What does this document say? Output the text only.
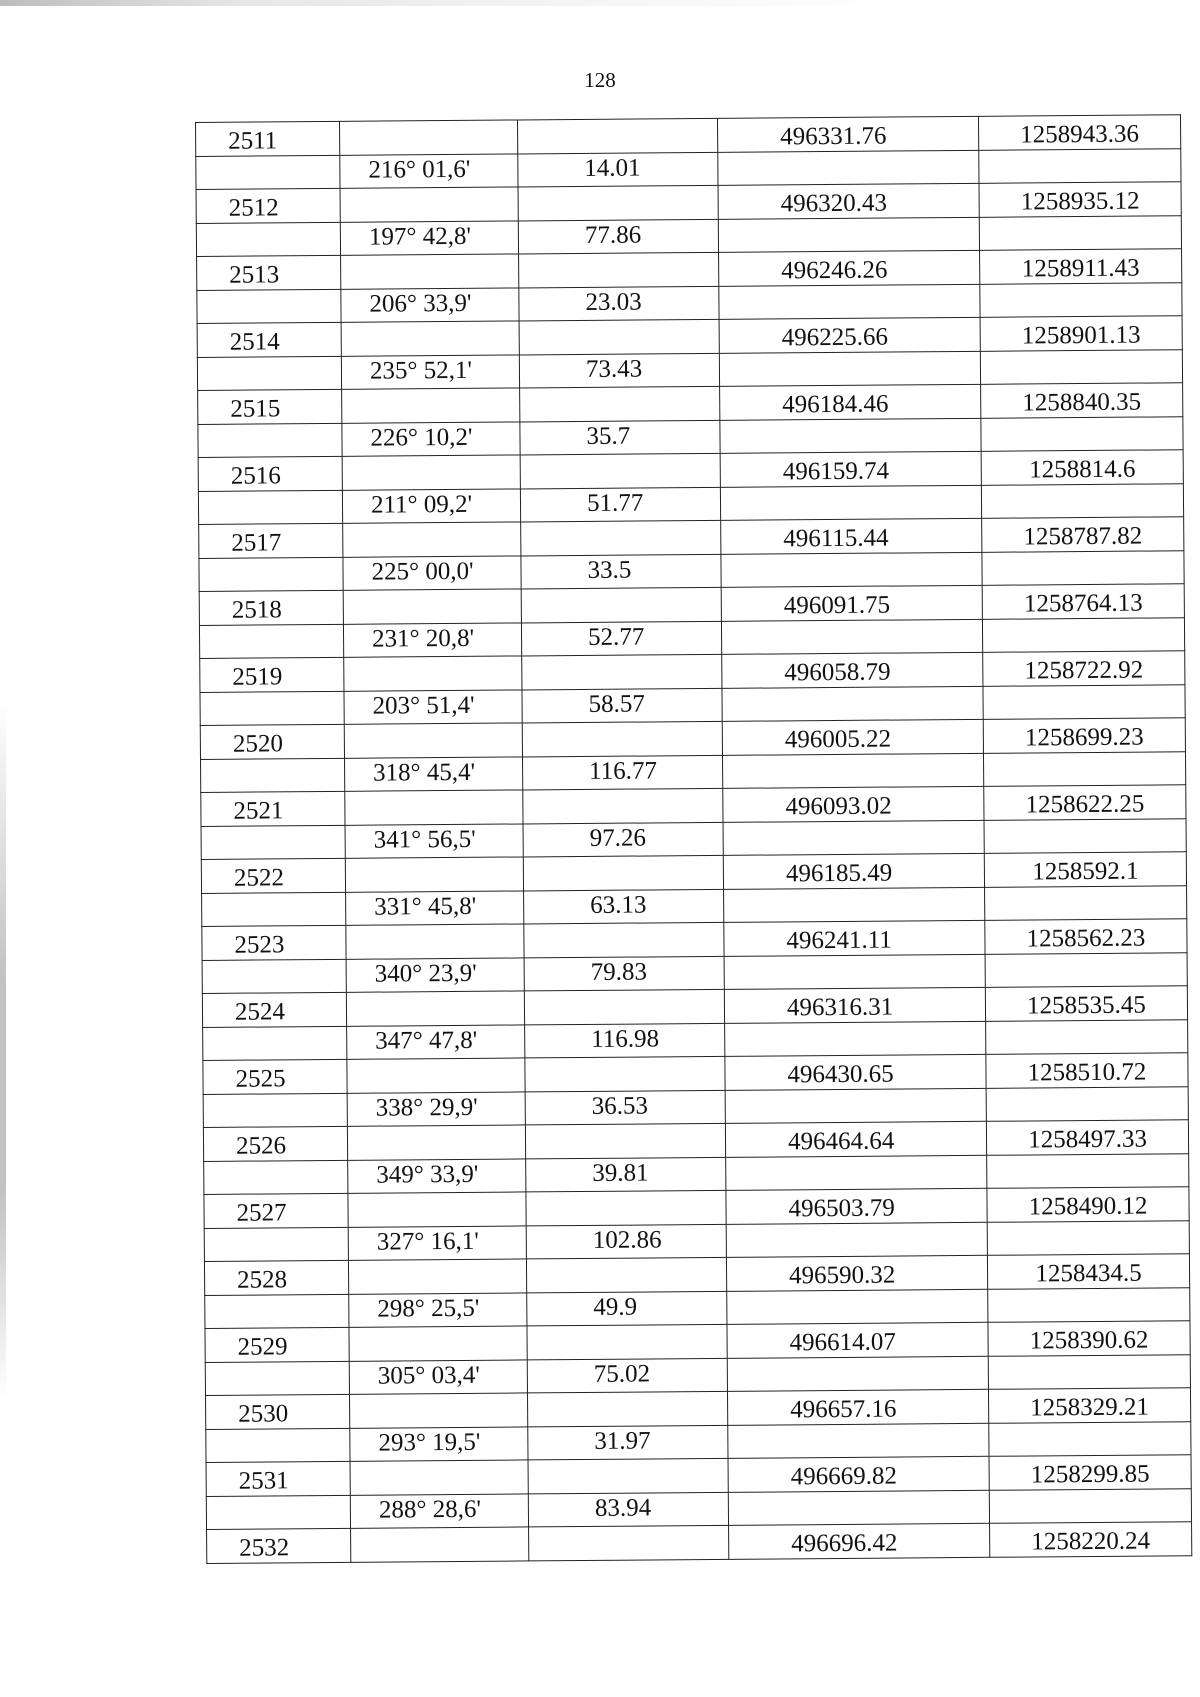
128
2511			496331.76	1258943.36
	216° 01,6'	14.01		
2512			496320.43	1258935.12
	197° 42,8'	77.86		
2513			496246.26	1258911.43
	206° 33,9'	23.03		
2514			496225.66	1258901.13
	235° 52,1'	73.43		
2515			496184.46	1258840.35
	226° 10,2'	35.7		
2516			496159.74	1258814.6
	211° 09,2'	51.77		
2517			496115.44	1258787.82
	225° 00,0'	33.5		
2518			496091.75	1258764.13
	231° 20,8'	52.77		
2519			496058.79	1258722.92
	203° 51,4'	58.57		
2520			496005.22	1258699.23
	318° 45,4'	116.77		
2521			496093.02	1258622.25
	341° 56,5'	97.26		
2522			496185.49	1258592.1
	331° 45,8'	63.13		
2523			496241.11	1258562.23
	340° 23,9'	79.83		
2524			496316.31	1258535.45
	347° 47,8'	116.98		
2525			496430.65	1258510.72
	338° 29,9'	36.53		
2526			496464.64	1258497.33
	349° 33,9'	39.81		
2527			496503.79	1258490.12
	327° 16,1'	102.86		
2528			496590.32	1258434.5
	298° 25,5'	49.9		
2529			496614.07	1258390.62
	305° 03,4'	75.02		
2530			496657.16	1258329.21
	293° 19,5'	31.97		
2531			496669.82	1258299.85
	288° 28,6'	83.94		
2532			496696.42	1258220.24
